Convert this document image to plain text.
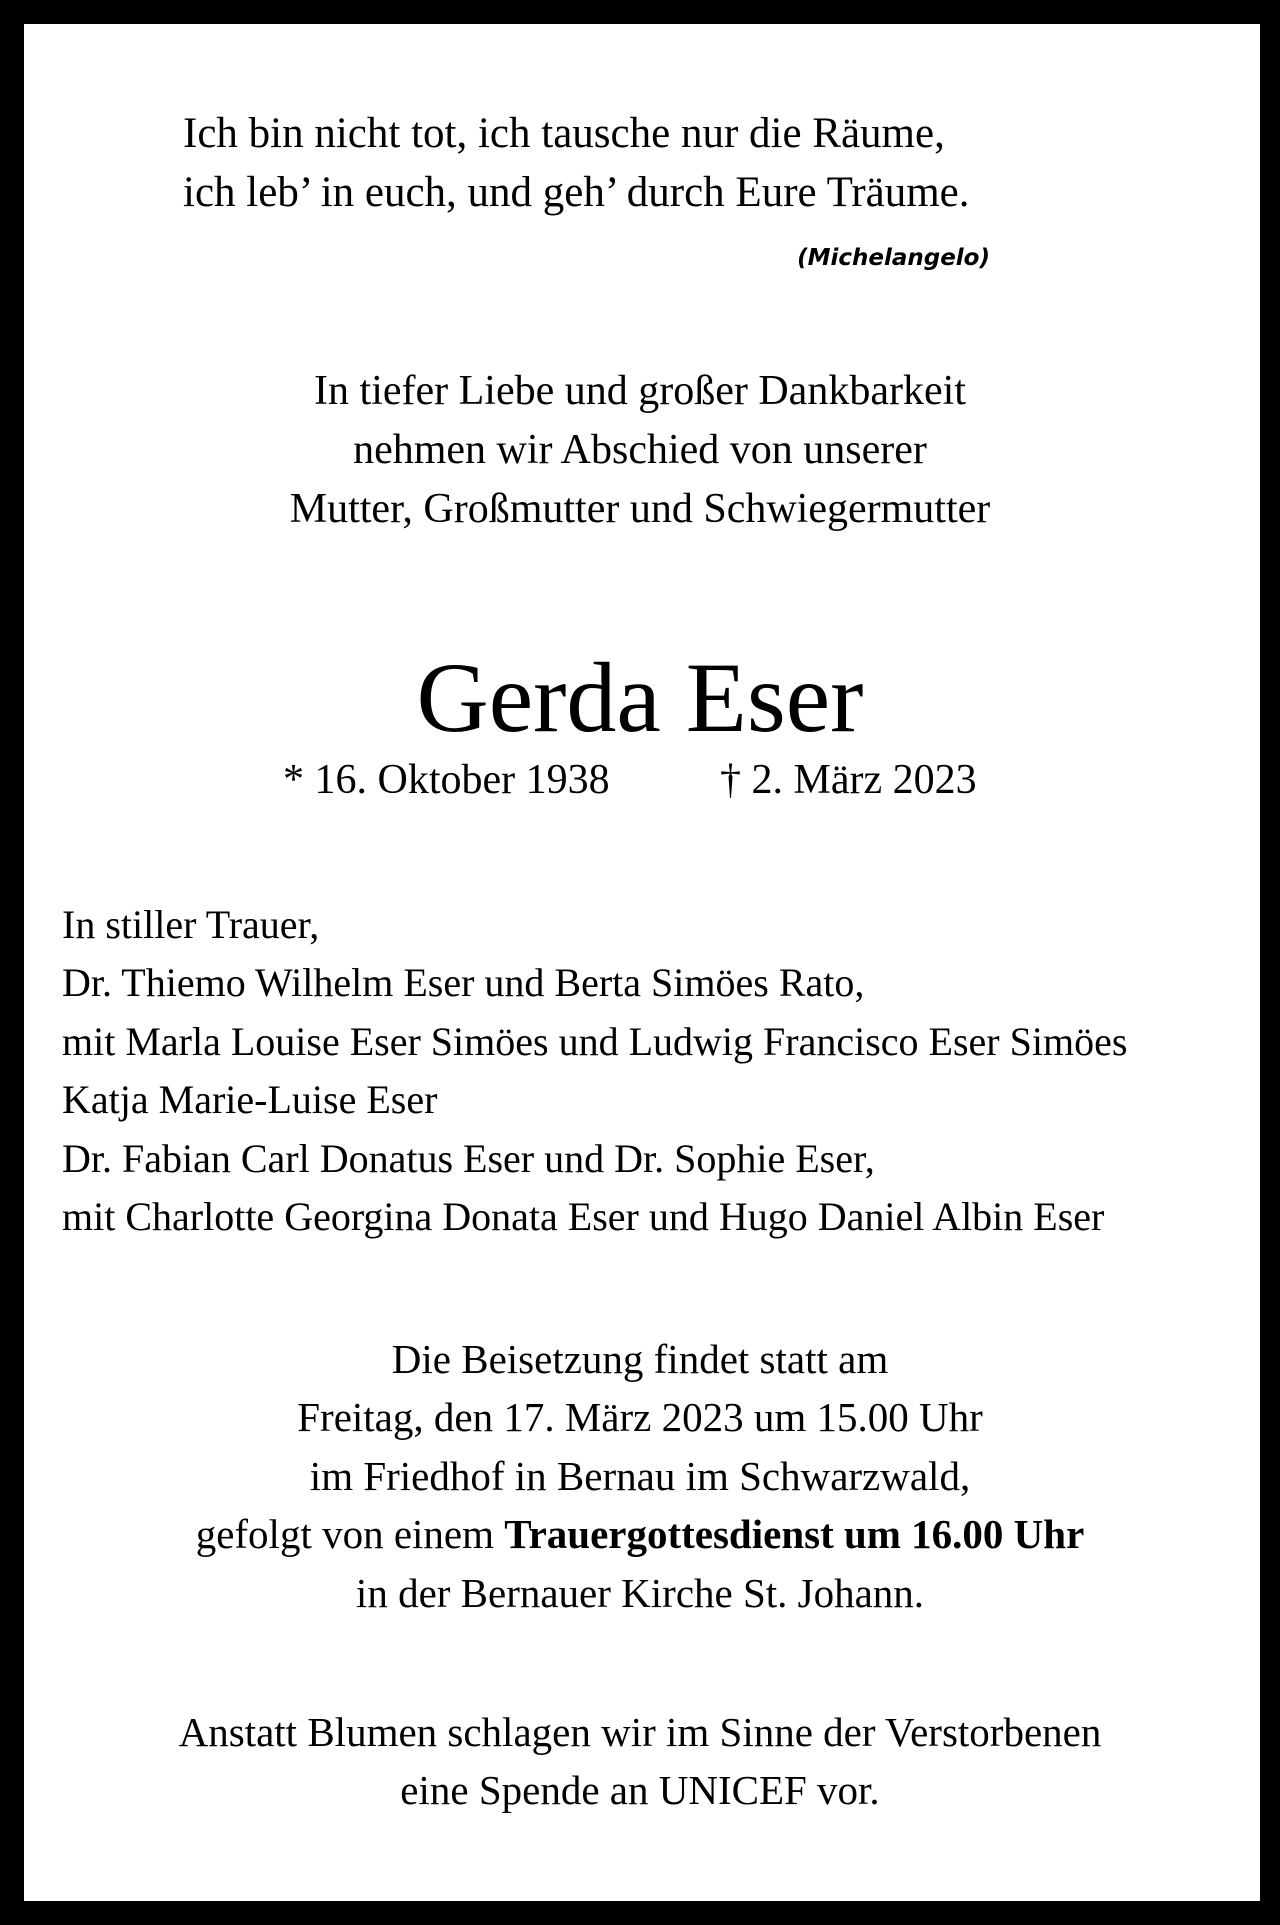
Ich bin nicht tot, ich tausche nur die Räume,
ich leb’ in euch, und geh’ durch Eure Träume.
(Michelangelo)
In tiefer Liebe und großer Dankbarkeit
nehmen wir Abschied von unserer
Mutter, Großmutter und Schwiegermutter
Gerda Eser
* 16. Oktober 1938	† 2. März 2023
In stiller Trauer,
Dr. Thiemo Wilhelm Eser und Berta Simöes Rato,
mit Marla Louise Eser Simöes und Ludwig Francisco Eser Simöes
Katja Marie-Luise Eser
Dr. Fabian Carl Donatus Eser und Dr. Sophie Eser,
mit Charlotte Georgina Donata Eser und Hugo Daniel Albin Eser
Die Beisetzung findet statt am
Freitag, den 17. März 2023 um 15.00 Uhr
im Friedhof in Bernau im Schwarzwald,
gefolgt von einem Trauergottesdienst um 16.00 Uhr
in der Bernauer Kirche St. Johann.
Anstatt Blumen schlagen wir im Sinne der Verstorbenen
eine Spende an UNICEF vor.
